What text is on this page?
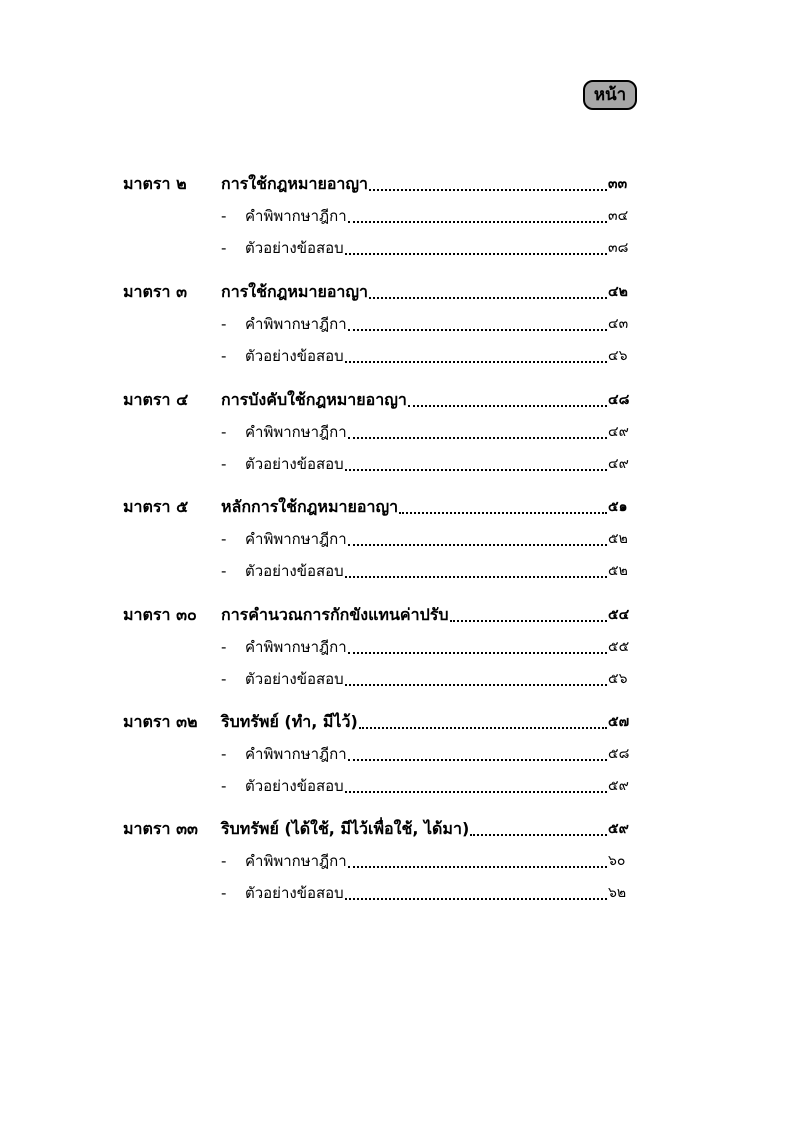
หน้า
มาตรา ๒ การใช้กฎหมายอาญา	๓๓
-	คำพิพากษาฎีกา	๓๔
-	ตัวอย่างข้อสอบ	๓๘
มาตรา ๓ การใช้กฎหมายอาญา	๔๒
-	คำพิพากษาฎีกา	๔๓
-	ตัวอย่างข้อสอบ	๔๖
มาตรา ๔ การบังคับใช้กฎหมายอาญา	๔๘
-	คำพิพากษาฎีกา	๔๙
-	ตัวอย่างข้อสอบ	๔๙
มาตรา ๕ หลักการใช้กฎหมายอาญา	๕๑
-	คำพิพากษาฎีกา	๕๒
-	ตัวอย่างข้อสอบ	๕๒
มาตรา ๓๐ การคำนวณการกักขังแทนค่าปรับ	๕๔
-	คำพิพากษาฎีกา	๕๕
-	ตัวอย่างข้อสอบ	๕๖
มาตรา ๓๒ ริบทรัพย์ (ทำ, มีไว้)	๕๗
-	คำพิพากษาฎีกา	๕๘
-	ตัวอย่างข้อสอบ	๕๙
มาตรา ๓๓ ริบทรัพย์ (ได้ใช้, มีไว้เพื่อใช้, ได้มา)	๕๙
-	คำพิพากษาฎีกา	๖๐
-	ตัวอย่างข้อสอบ	๖๒
